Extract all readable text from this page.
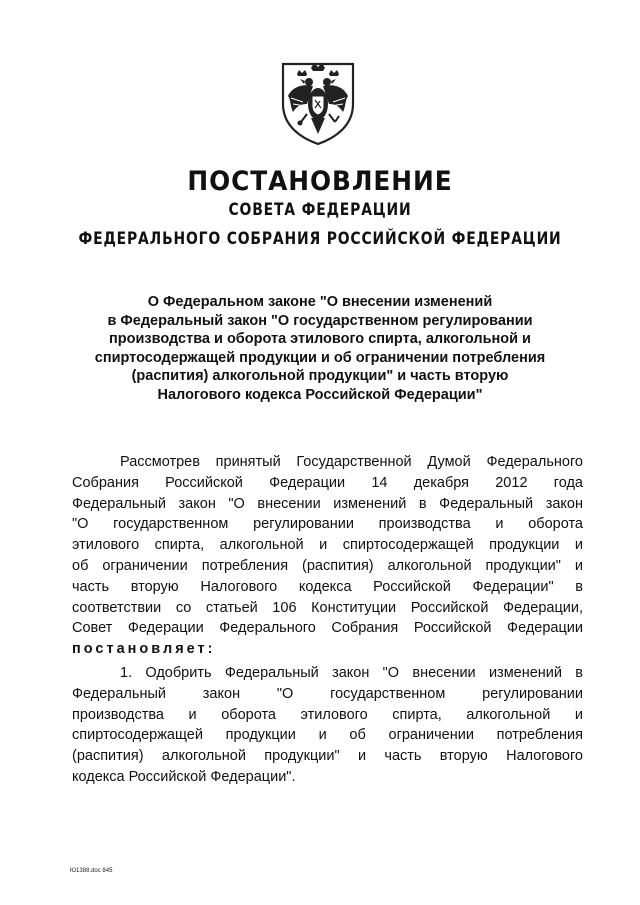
ПОСТАНОВЛЕНИЕ
СОВЕТА ФЕДЕРАЦИИ
ФЕДЕРАЛЬНОГО СОБРАНИЯ РОССИЙСКОЙ ФЕДЕРАЦИИ
О Федеральном законе "О внесении изменений
в Федеральный закон "О государственном регулировании
производства и оборота этилового спирта, алкогольной и
спиртосодержащей продукции и об ограничении потребления
(распития) алкогольной продукции" и часть вторую
Налогового кодекса Российской Федерации"
Рассмотрев принятый Государственной Думой Федерального
Собрания Российской Федерации 14 декабря 2012 года
Федеральный закон "О внесении изменений в Федеральный закон
"О государственном регулировании производства и оборота
этилового спирта, алкогольной и спиртосодержащей продукции и
об ограничении потребления (распития) алкогольной продукции" и
часть вторую Налогового кодекса Российской Федерации" в
соответствии со статьей 106 Конституции Российской Федерации,
Совет Федерации Федерального Собрания Российской Федерации
постановляет:
1. Одобрить Федеральный закон "О внесении изменений в
Федеральный закон "О государственном регулировании
производства и оборота этилового спирта, алкогольной и
спиртосодержащей продукции и об ограничении потребления
(распития) алкогольной продукции" и часть вторую Налогового
кодекса Российской Федерации".
Ю1388.doc 845
